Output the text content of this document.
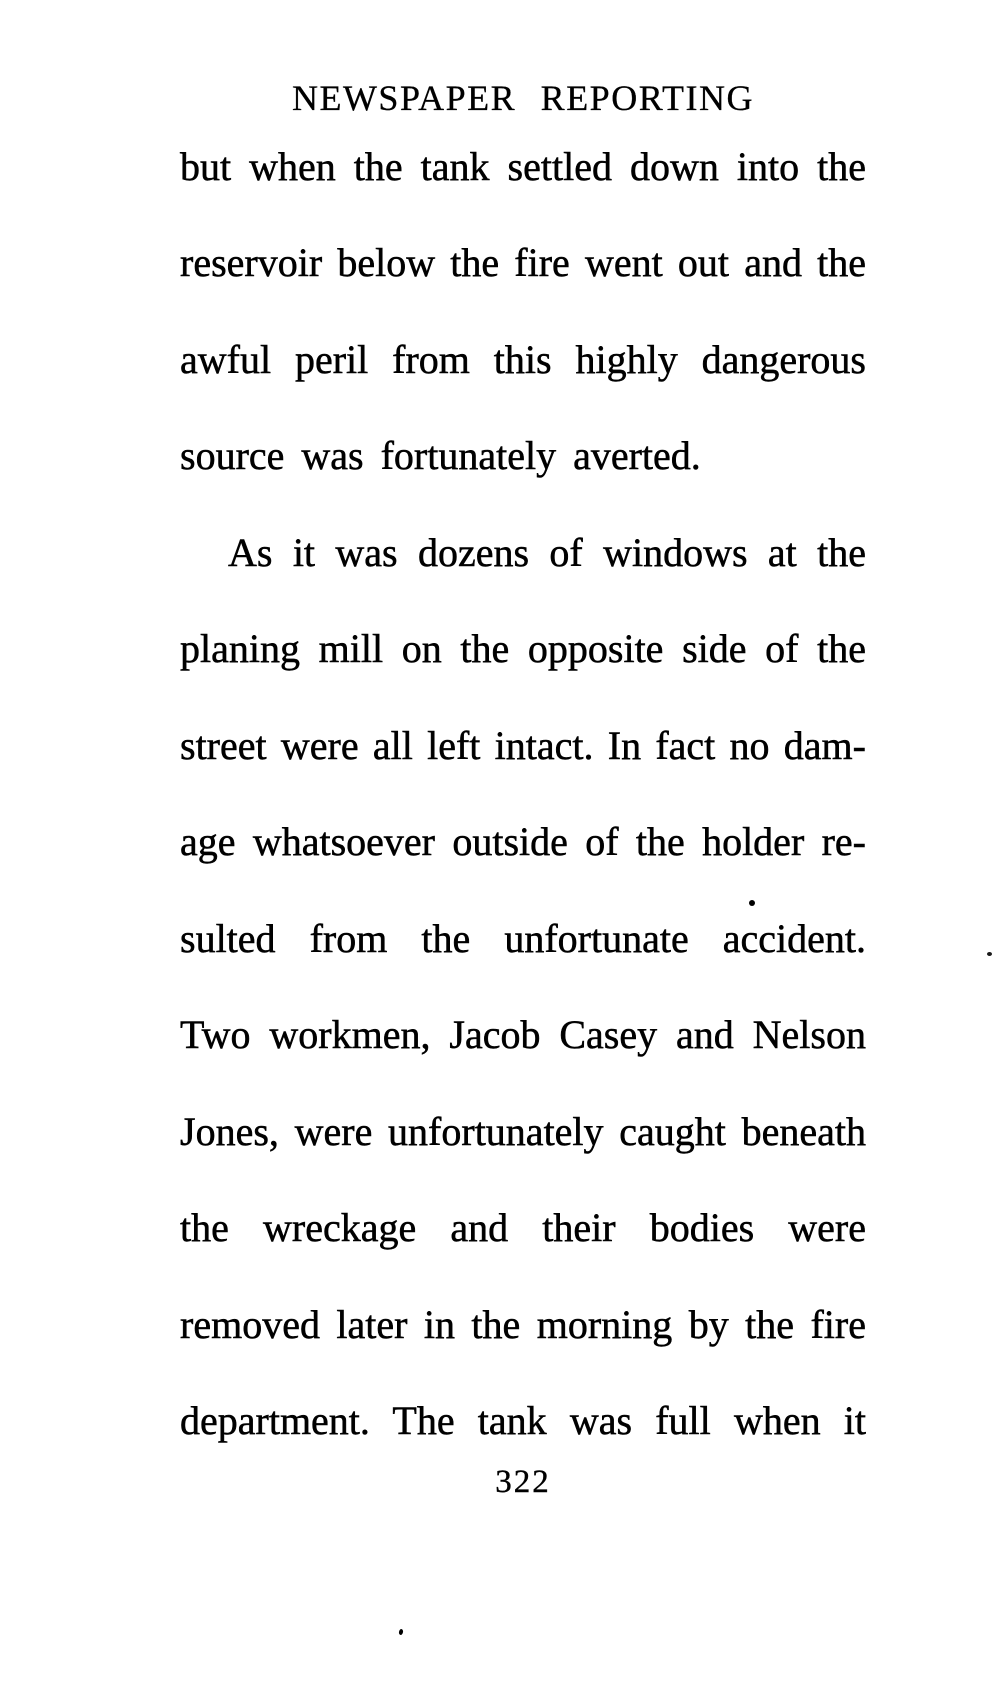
NEWSPAPER REPORTING
but when the tank settled down into the
reservoir below the fire went out and the
awful peril from this highly dangerous
source was fortunately averted.
As it was dozens of windows at the
planing mill on the opposite side of the
street were all left intact. In fact no dam-
age whatsoever outside of the holder re-
sulted from the unfortunate accident.
Two workmen, Jacob Casey and Nelson
Jones, were unfortunately caught beneath
the wreckage and their bodies were
removed later in the morning by the fire
department. The tank was full when it
322
